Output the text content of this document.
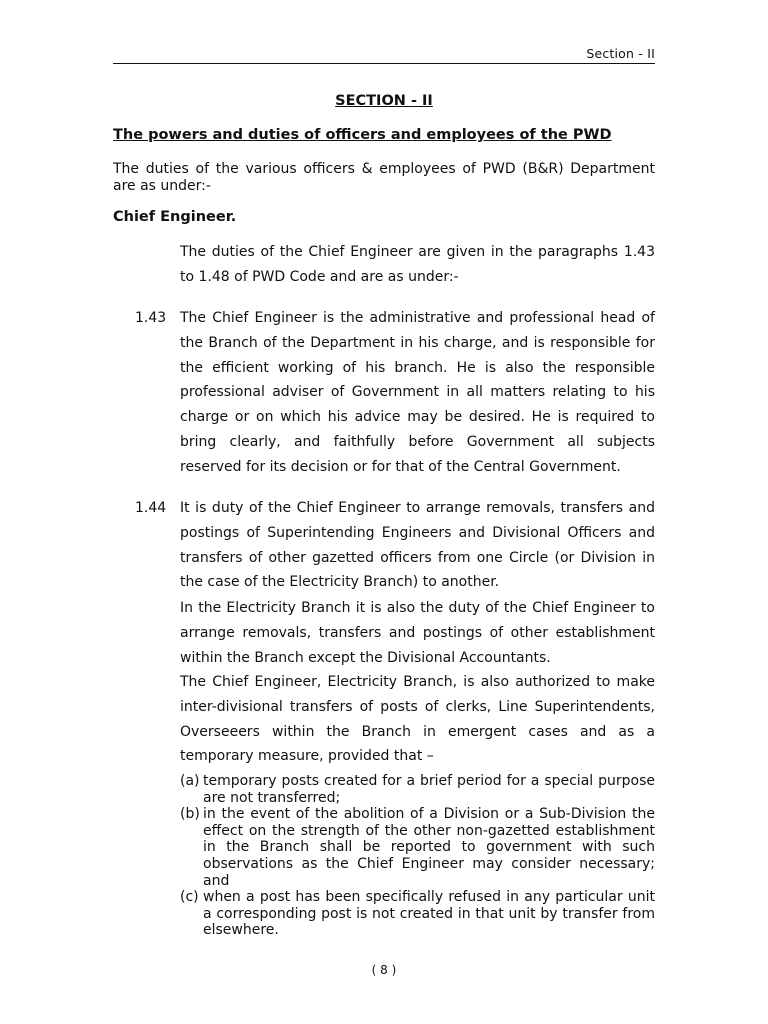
Section - II
SECTION - II
The powers and duties of officers and employees of the PWD
The duties of the various officers & employees of PWD (B&R) Department are as under:-
Chief Engineer.
The duties of the Chief Engineer are given in the paragraphs 1.43 to 1.48 of PWD Code and are as under:-
1.43 The Chief Engineer is the administrative and professional head of the Branch of the Department in his charge, and is responsible for the efficient working of his branch. He is also the responsible professional adviser of Government in all matters relating to his charge or on which his advice may be desired. He is required to bring clearly, and faithfully before Government all subjects reserved for its decision or for that of the Central Government.
1.44 It is duty of the Chief Engineer to arrange removals, transfers and postings of Superintending Engineers and Divisional Officers and transfers of other gazetted officers from one Circle (or Division in the case of the Electricity Branch) to another.
In the Electricity Branch it is also the duty of the Chief Engineer to arrange removals, transfers and postings of other establishment within the Branch except the Divisional Accountants.
The Chief Engineer, Electricity Branch, is also authorized to make inter-divisional transfers of posts of clerks, Line Superintendents, Overseeers within the Branch in emergent cases and as a temporary measure, provided that –
(a) temporary posts created for a brief period for a special purpose are not transferred;
(b) in the event of the abolition of a Division or a Sub-Division the effect on the strength of the other non-gazetted establishment in the Branch shall be reported to government with such observations as the Chief Engineer may consider necessary; and
(c) when a post has been specifically refused in any particular unit a corresponding post is not created in that unit by transfer from elsewhere.
( 8 )
